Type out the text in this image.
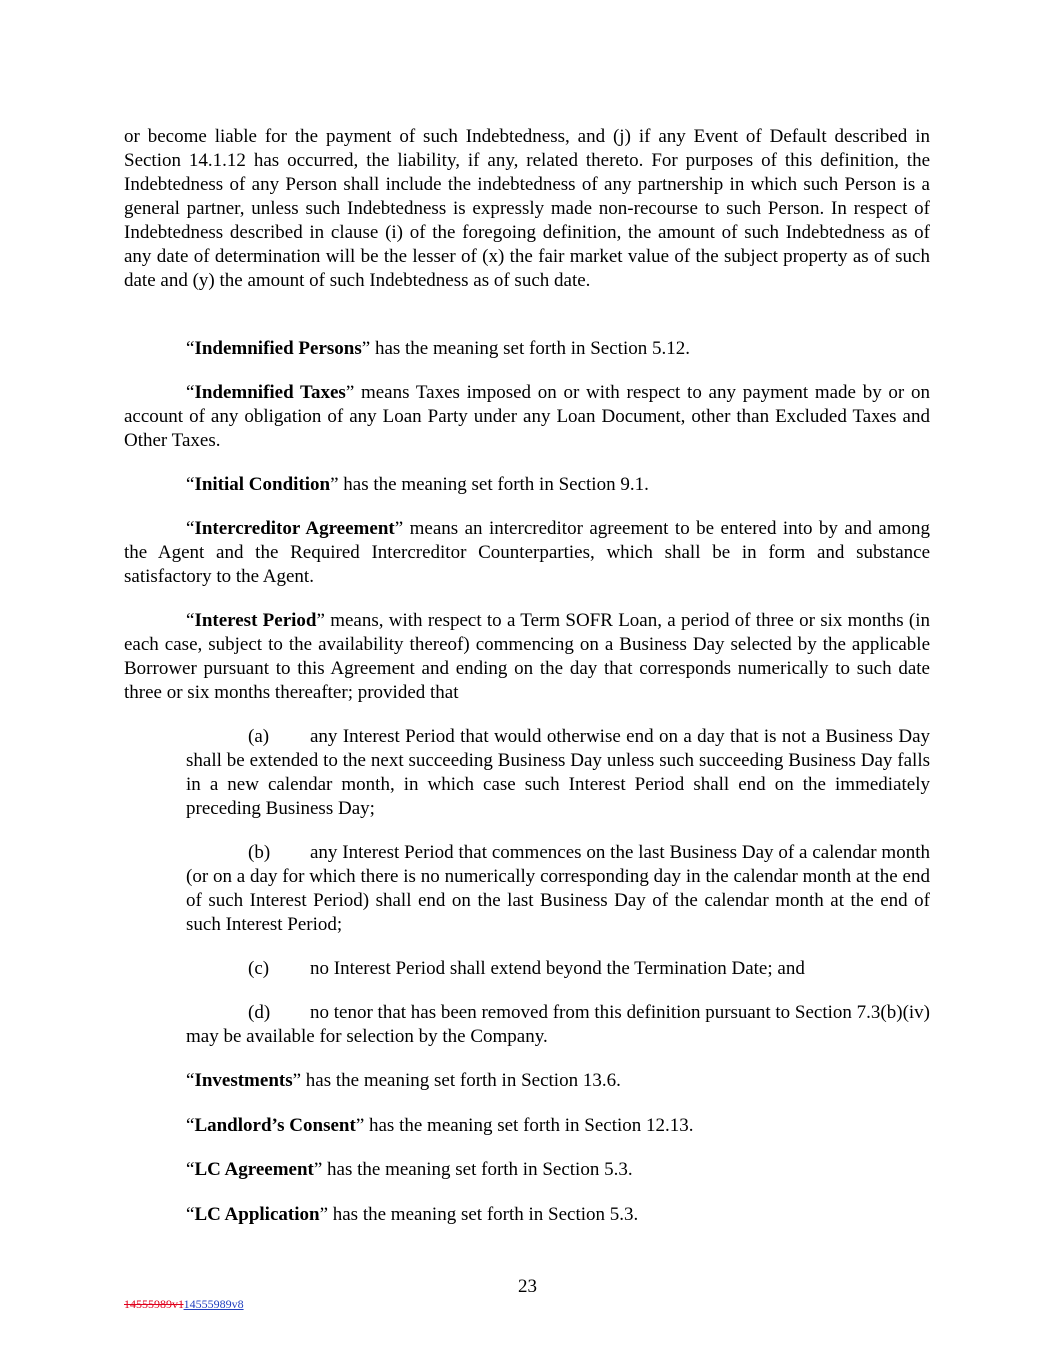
or become liable for the payment of such Indebtedness, and (j) if any Event of Default described in Section 14.1.12 has occurred, the liability, if any, related thereto. For purposes of this definition, the Indebtedness of any Person shall include the indebtedness of any partnership in which such Person is a general partner, unless such Indebtedness is expressly made non-recourse to such Person. In respect of Indebtedness described in clause (i) of the foregoing definition, the amount of such Indebtedness as of any date of determination will be the lesser of (x) the fair market value of the subject property as of such date and (y) the amount of such Indebtedness as of such date.

“Indemnified Persons” has the meaning set forth in Section 5.12.

“Indemnified Taxes” means Taxes imposed on or with respect to any payment made by or on account of any obligation of any Loan Party under any Loan Document, other than Excluded Taxes and Other Taxes.

“Initial Condition” has the meaning set forth in Section 9.1.

“Intercreditor Agreement” means an intercreditor agreement to be entered into by and among the Agent and the Required Intercreditor Counterparties, which shall be in form and substance satisfactory to the Agent.

“Interest Period” means, with respect to a Term SOFR Loan, a period of three or six months (in each case, subject to the availability thereof) commencing on a Business Day selected by the applicable Borrower pursuant to this Agreement and ending on the day that corresponds numerically to such date three or six months thereafter; provided that

(a) any Interest Period that would otherwise end on a day that is not a Business Day shall be extended to the next succeeding Business Day unless such succeeding Business Day falls in a new calendar month, in which case such Interest Period shall end on the immediately preceding Business Day;

(b) any Interest Period that commences on the last Business Day of a calendar month (or on a day for which there is no numerically corresponding day in the calendar month at the end of such Interest Period) shall end on the last Business Day of the calendar month at the end of such Interest Period;

(c) no Interest Period shall extend beyond the Termination Date; and

(d) no tenor that has been removed from this definition pursuant to Section 7.3(b)(iv) may be available for selection by the Company.

“Investments” has the meaning set forth in Section 13.6.

“Landlord’s Consent” has the meaning set forth in Section 12.13.

“LC Agreement” has the meaning set forth in Section 5.3.

“LC Application” has the meaning set forth in Section 5.3.

23
14555989v114555989v8
